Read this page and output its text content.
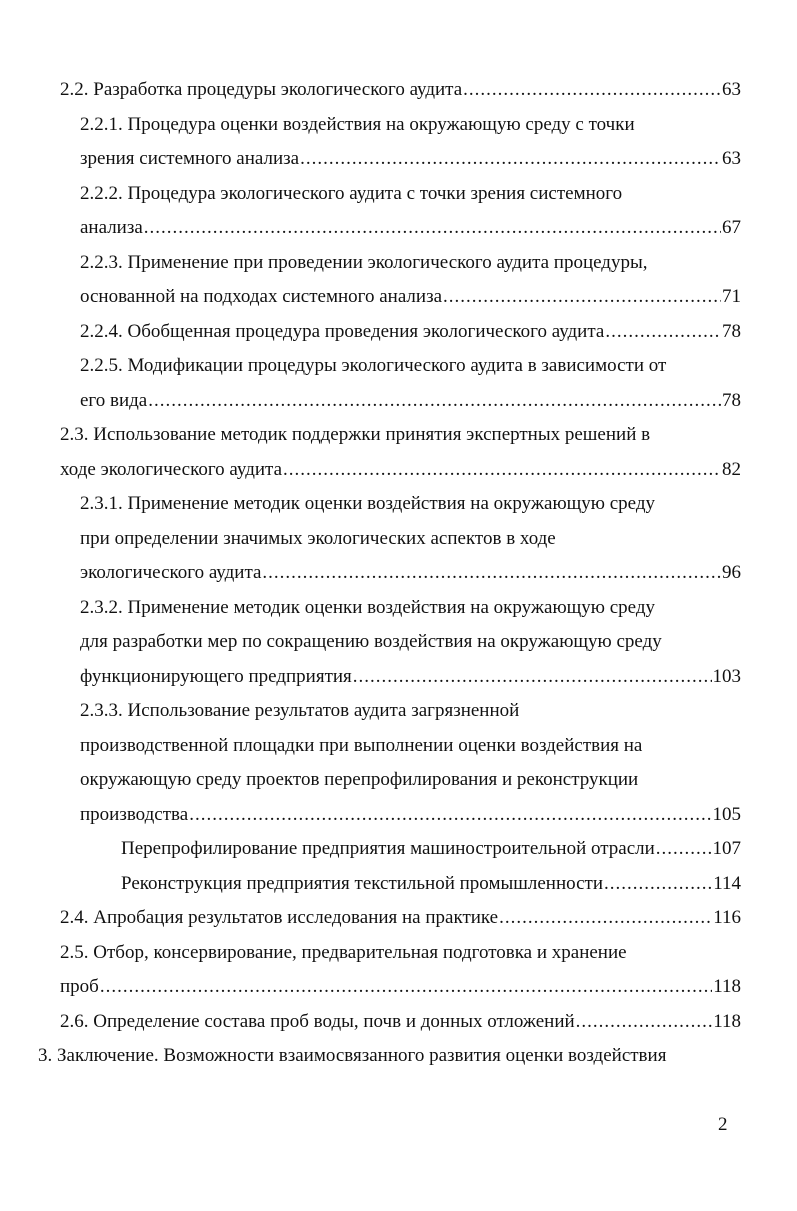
2.2. Разработка процедуры экологического аудита .....	63
2.2.1. Процедура оценки воздействия на окружающую среду с точки
зрения системного анализа .....	63
2.2.2. Процедура экологического аудита с точки зрения системного
анализа .....	67
2.2.3. Применение при проведении экологического аудита процедуры,
основанной на подходах системного анализа .....	71
2.2.4. Обобщенная процедура проведения экологического аудита .....	78
2.2.5. Модификации процедуры экологического аудита в зависимости от
его вида .....	78
2.3. Использование методик поддержки принятия экспертных решений в
ходе экологического аудита .....	82
2.3.1. Применение методик оценки воздействия на окружающую среду
при определении значимых экологических аспектов в ходе
экологического аудита .....	96
2.3.2. Применение методик оценки воздействия на окружающую среду
для разработки мер по сокращению воздействия на окружающую среду
функционирующего предприятия .....	103
2.3.3. Использование результатов аудита загрязненной
производственной площадки при выполнении оценки воздействия на
окружающую среду проектов перепрофилирования и реконструкции
производства .....	105
Перепрофилирование предприятия машиностроительной отрасли .....	107
Реконструкция предприятия текстильной промышленности .....	114
2.4. Апробация результатов исследования на практике .....	116
2.5. Отбор, консервирование, предварительная подготовка и хранение
проб .....	118
2.6. Определение состава проб воды, почв и донных отложений .....	118
3. Заключение. Возможности взаимосвязанного развития оценки воздействия
2
